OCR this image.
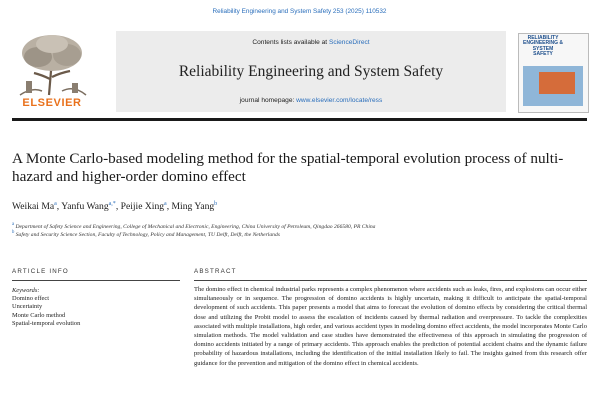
Reliability Engineering and System Safety 253 (2025) 110532
ELSEVIER
Contents lists available at ScienceDirect
Reliability Engineering and System Safety
journal homepage: www.elsevier.com/locate/ress
RELIABILITY ENGINEERING & SYSTEM SAFETY
A Monte Carlo-based modeling method for the spatial-temporal evolution process of nulti-hazard and higher-order domino effect
Weikai Ma$^a$, Yanfu Wang$^{a,*}$, Peijie Xing$^a$, Ming Yang$^b$
$^a$ Department of Safety Science and Engineering, College of Mechanical and Electronic, Engineering, China University of Petroleum, Qingdao 266580, PR China
$^b$ Safety and Security Science Section, Faculty of Technology, Policy and Management, TU Delft, Delft, the Netherlands
ARTICLE INFO	ABSTRACT
Keywords:
Domino effect
Uncertainty
Monte Carlo method
Spatial-temporal evolution
The domino effect in chemical industrial parks represents a complex phenomenon where accidents such as leaks, fires, and explosions can occur either simultaneously or in sequence. The progression of domino accidents is highly uncertain, making it difficult to anticipate the spatial-temporal development of such accidents. This paper presents a model that aims to forecast the evolution of domino effects by considering the critical thermal dose and utilizing the Probit model to assess the escalation of incidents caused by thermal radiation and overpressure. To tackle the complexities associated with multiple installations, high order, and various accident types in modeling domino effect accidents, the model incorporates Monte Carlo simulation methods. The model validation and case studies have demonstrated the effectiveness of this approach in simulating the progression of domino accidents initiated by a range of primary accidents. This approach enables the prediction of potential accident chains and the dynamic failure probability of hazardous installations, including the identification of the initial installation likely to fail. The insights gained from this research offer guidance for the prevention and mitigation of the domino effect in chemical accidents.
